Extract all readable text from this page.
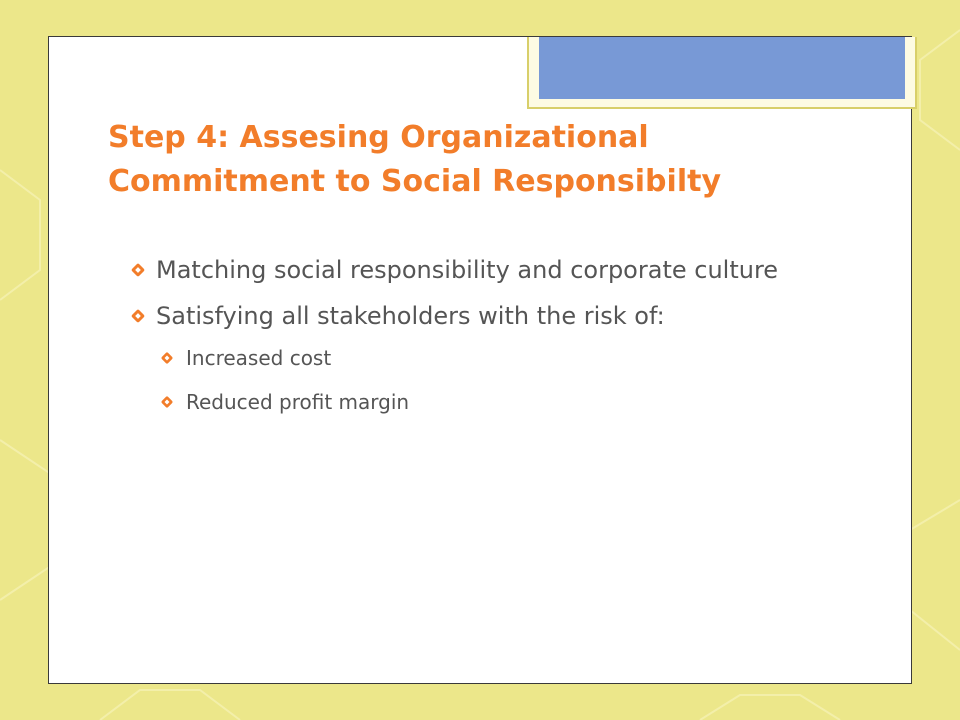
Step 4: Assesing Organizational Commitment to Social Responsibilty
Matching social responsibility and corporate culture
Satisfying all stakeholders with the risk of:
Increased cost
Reduced profit margin
